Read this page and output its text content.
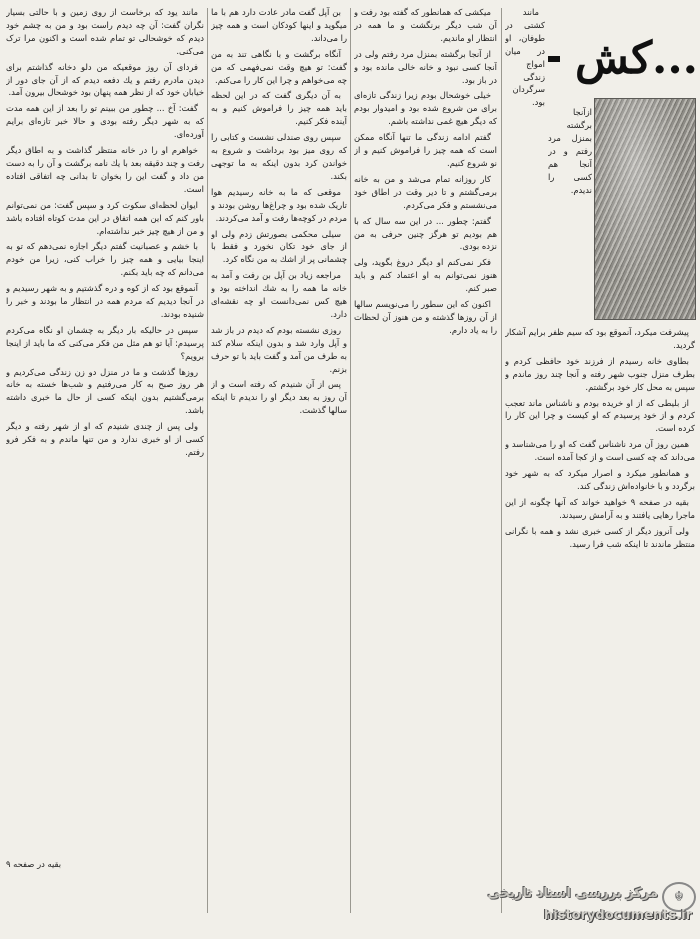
مانند یود که برخاست از روی زمین و با حالتی بسیار نگران گفت: آن چه دیدم راست بود و من به چشم خود دیدم که خوشحالی تو تمام شده است و اکنون مرا ترک می‌کنی.

فردای آن روز موقعیکه من دلو دخانه گذاشتم برای دیدن مادرم رفتم و یك دفعه دیدم که از آن جای دور از خیابان خود که از نظر همه پنهان بود خوشحال بیرون آمد.

گفت: آخ ... چطور من ببینم تو را بعد از این همه مدت که به شهر دیگر رفته بودی و حالا خبر تازه‌ای برایم آورده‌ای.

خواهرم او را در خانه منتظر گذاشت و به اطاق دیگر رفت و چند دقیقه بعد با یك نامه برگشت و آن را به دست من داد و گفت این را بخوان تا بدانی چه اتفاقی افتاده است.

ایوان لحظه‌ای سکوت کرد و سپس گفت: من نمی‌توانم باور کنم که این همه اتفاق در این مدت کوتاه افتاده باشد و من از هیچ چیز خبر نداشته‌ام.

با خشم و عصبانیت گفتم دیگر اجازه نمی‌دهم که تو به اینجا بیایی و همه چیز را خراب کنی، زیرا من خودم می‌دانم که چه باید بکنم.

آنموقع بود که از کوه و دره گذشتیم و به شهر رسیدیم و در آنجا دیدیم که مردم همه در انتظار ما بودند و خبر را شنیده بودند.

سپس در حالیکه بار دیگر به چشمان او نگاه می‌کردم پرسیدم: آیا تو هم مثل من فکر می‌کنی که ما باید از اینجا برویم؟

روزها گذشت و ما در منزل دو زن زندگی می‌کردیم و هر روز صبح به کار می‌رفتیم و شب‌ها خسته به خانه برمی‌گشتیم بدون اینکه کسی از حال ما خبری داشته باشد.

ولی پس از چندی شنیدم که او از شهر رفته و دیگر کسی از او خبری ندارد و من تنها ماندم و به فکر فرو رفتم.

بن آپل گفت مادر عادت دارد هم با ما میگوید و اینها کودکان است و همه چیز را می‌داند.

آنگاه برگشت و با نگاهی تند به من گفت: تو هیچ وقت نمی‌فهمی که من چه می‌خواهم و چرا این کار را می‌کنم.

به آن دیگری گفت که در این لحظه باید همه چیز را فراموش کنیم و به آینده فکر کنیم.

سپس روی صندلی نشست و کتابی را که روی میز بود برداشت و شروع به خواندن کرد بدون اینکه به ما توجهی بکند.

موقعی که ما به خانه رسیدیم هوا تاریک شده بود و چراغ‌ها روشن بودند و مردم در کوچه‌ها رفت و آمد می‌کردند.

سیلی محکمی بصورتش زدم ولی او از جای خود تکان نخورد و فقط با چشمانی پر از اشك به من نگاه کرد.

مراجعه زیاد بن آپل بن رفت و آمد به خانه ما همه را به شك انداخته بود و هیچ کس نمی‌دانست او چه نقشه‌ای دارد.

روزی نشسته بودم که دیدم در باز شد و آپل وارد شد و بدون اینکه سلام کند به طرف من آمد و گفت باید با تو حرف بزنم.

پس از آن شنیدم که رفته است و از آن روز به بعد دیگر او را ندیدم تا اینکه سالها گذشت.

میکشی که همانطور که گفته بود رفت و آن شب دیگر برنگشت و ما همه در انتظار او ماندیم.

از آنجا برگشته بمنزل مرد رفتم ولی در آنجا کسی نبود و خانه خالی مانده بود و در باز بود.

خیلی خوشحال بودم زیرا زندگی تازه‌ای برای من شروع شده بود و امیدوار بودم که دیگر هیچ غمی نداشته باشم.

گفتم ادامه زندگی ما تنها آنگاه ممکن است که همه چیز را فراموش کنیم و از نو شروع کنیم.

کار روزانه تمام می‌شد و من به خانه برمی‌گشتم و تا دیر وقت در اطاق خود می‌نشستم و فکر می‌کردم.

گفتم: چطور ... در این سه سال که با هم بودیم تو هرگز چنین حرفی به من نزده بودی.

فکر نمی‌کنم او دیگر دروغ بگوید، ولی هنوز نمی‌توانم به او اعتماد کنم و باید صبر کنم.

اکنون که این سطور را می‌نویسم سالها از آن روزها گذشته و من هنوز آن لحظات را به یاد دارم.

مانند کشتی در طوفان، او در میان امواج زندگی سرگردان بود.

...کش

ازآنجا برگشته بمنزل مرد رفتم و در آنجا هم کسی را ندیدم.

پیشرفت میکرد، آنموقع بود که سیم ظفر برایم آشکار گردید.

بطاوی خانه رسیدم از فرزند خود حافظی کردم و بطرف منزل جنوب شهر رفته و آنجا چند روز ماندم و سپس به محل کار خود برگشتم.

از بلیطی که از او خریده بودم و ناشناس ماند تعجب کردم و از خود پرسیدم که او کیست و چرا این کار را کرده است.

همین روز آن مرد ناشناس گفت که او را می‌شناسد و می‌داند که چه کسی است و از کجا آمده است.

و همانطور میکرد و اصرار میکرد که به شهر خود برگردد و با خانواده‌اش زندگی کند.

بقیه در صفحه ۹ خواهید خواند که آنها چگونه از این ماجرا رهایی یافتند و به آرامش رسیدند.

ولی آنروز دیگر از کسی خبری نشد و همه با نگرانی منتظر ماندند تا اینکه شب فرا رسید.

بقیه در صفحه ۹
☬
مرکز بررسی اسناد تاریخی
historydocuments.ir
